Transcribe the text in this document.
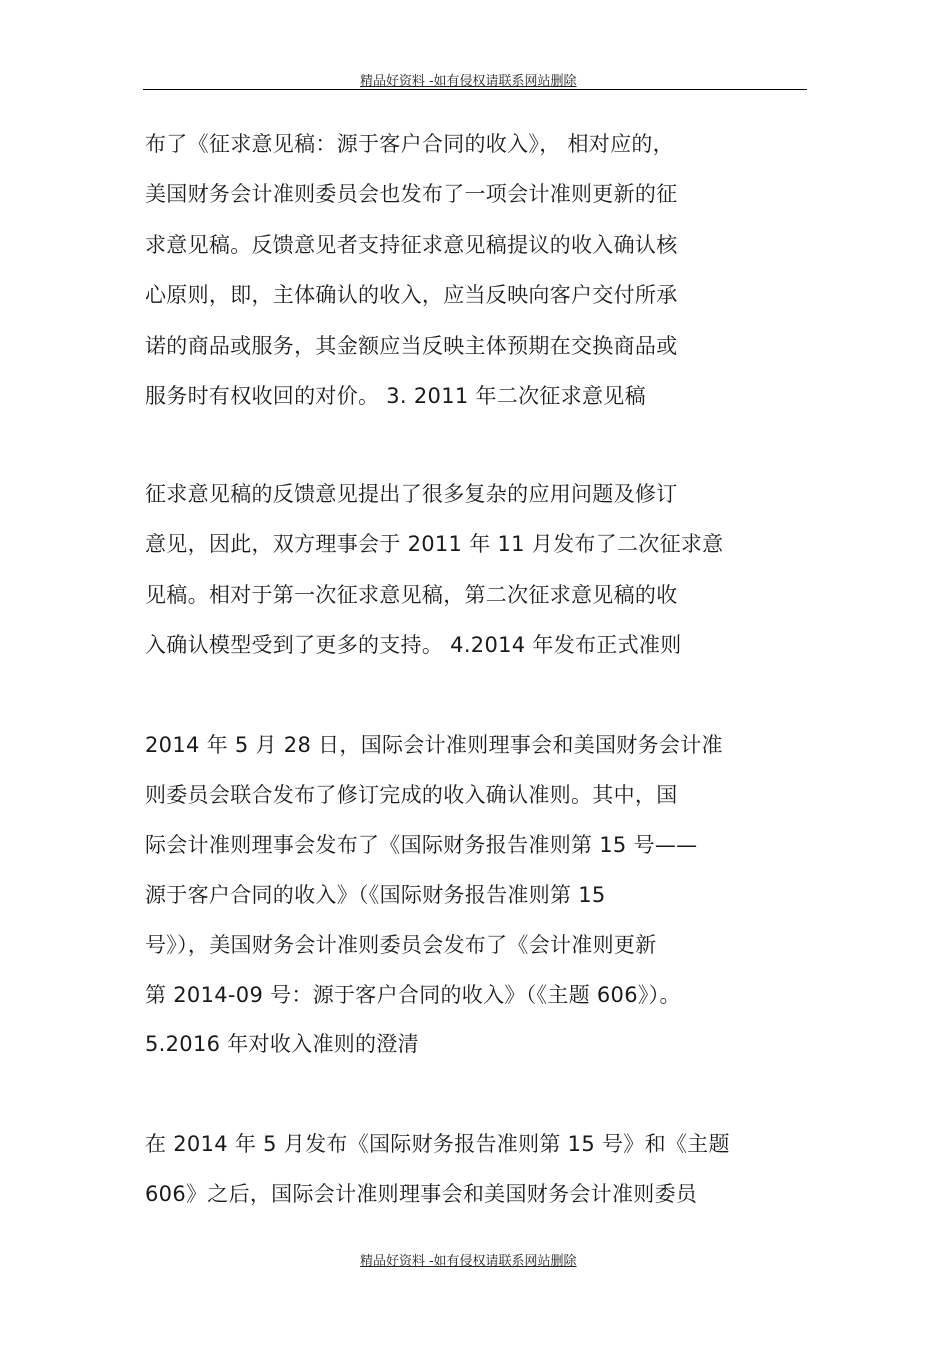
精品好资料 -如有侵权请联系网站删除
布了《征求意见稿：源于客户合同的收入》， 相对应的，
美国财务会计准则委员会也发布了一项会计准则更新的征
求意见稿。反馈意见者支持征求意见稿提议的收入确认核
心原则，即，主体确认的收入，应当反映向客户交付所承
诺的商品或服务，其金额应当反映主体预期在交换商品或
服务时有权收回的对价。 3. 2011 年二次征求意见稿
征求意见稿的反馈意见提出了很多复杂的应用问题及修订
意见，因此，双方理事会于 2011 年 11 月发布了二次征求意
见稿。相对于第一次征求意见稿，第二次征求意见稿的收
入确认模型受到了更多的支持。 4.2014 年发布正式准则
2014 年 5 月 28 日，国际会计准则理事会和美国财务会计准
则委员会联合发布了修订完成的收入确认准则。其中，国
际会计准则理事会发布了《国际财务报告准则第 15 号——
源于客户合同的收入》（《国际财务报告准则第 15
号》），美国财务会计准则委员会发布了《会计准则更新
第 2014-09 号：源于客户合同的收入》（《主题 606》）。
5.2016 年对收入准则的澄清
在 2014 年 5 月发布《国际财务报告准则第 15 号》和《主题
606》之后，国际会计准则理事会和美国财务会计准则委员
精品好资料 -如有侵权请联系网站删除
